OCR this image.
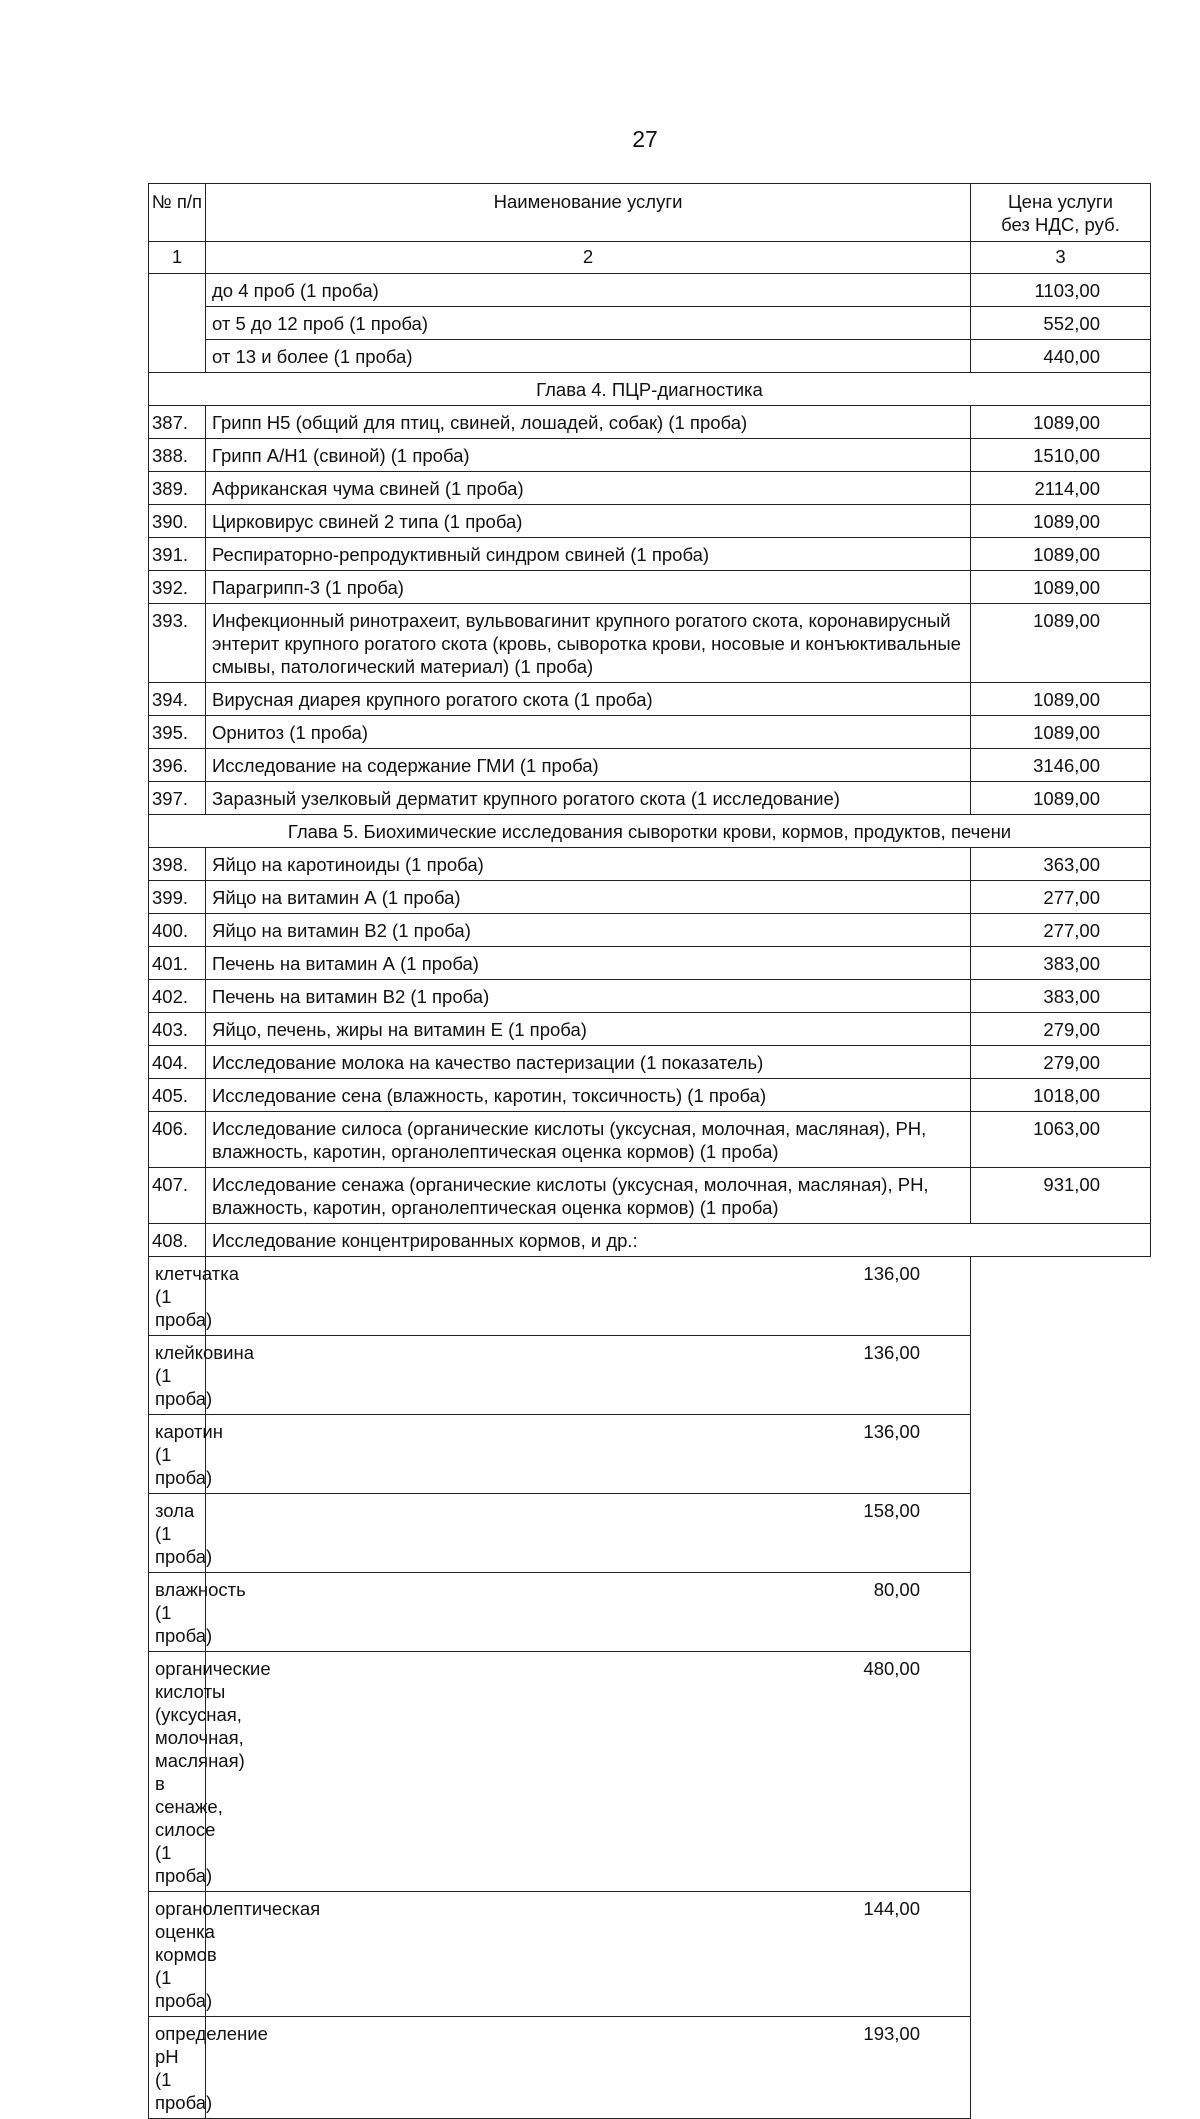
27
№ п/п	Наименование услуги	Цена услуги
без НДС, руб.

1	2	3
	до 4 проб (1 проба)	1103,00
	от 5 до 12 проб (1 проба)	552,00
	от 13 и более (1 проба)	440,00
Глава 4. ПЦР-диагностика		
387.	Грипп Н5 (общий для птиц, свиней, лошадей, собак) (1 проба)	1089,00
388.	Грипп А/Н1 (свиной) (1 проба)	1510,00
389.	Африканская чума свиней (1 проба)	2114,00
390.	Цирковирус свиней 2 типа (1 проба)	1089,00
391.	Респираторно-репродуктивный синдром свиней (1 проба)	1089,00
392.	Парагрипп-3 (1 проба)	1089,00
393.	Инфекционный ринотрахеит, вульвовагинит крупного рогатого скота, коронавирусный энтерит крупного рогатого скота (кровь, сыворотка крови, носовые и конъюктивальные смывы, патологический материал) (1 проба)	1089,00
394.	Вирусная диарея крупного рогатого скота (1 проба)	1089,00
395.	Орнитоз (1 проба)	1089,00
396.	Исследование на содержание ГМИ (1 проба)	3146,00
397.	Заразный узелковый дерматит крупного рогатого скота (1 исследование)	1089,00
Глава 5. Биохимические исследования сыворотки крови, кормов, продуктов, печени		
398.	Яйцо на каротиноиды (1 проба)	363,00
399.	Яйцо на витамин А (1 проба)	277,00
400.	Яйцо на витамин В2 (1 проба)	277,00
401.	Печень на витамин А (1 проба)	383,00
402.	Печень на витамин В2 (1 проба)	383,00
403.	Яйцо, печень, жиры на витамин Е (1 проба)	279,00
404.	Исследование молока на качество пастеризации (1 показатель)	279,00
405.	Исследование сена (влажность, каротин, токсичность) (1 проба)	1018,00
406.	Исследование силоса (органические кислоты (уксусная, молочная, масляная), PH, влажность, каротин, органолептическая оценка кормов) (1 проба)	1063,00
407.	Исследование сенажа (органические кислоты (уксусная, молочная, масляная), PH, влажность, каротин, органолептическая оценка кормов) (1 проба)	931,00
408.	Исследование концентрированных кормов, и др.:	
клетчатка (1 проба)	136,00	
клейковина (1 проба)	136,00	
каротин (1 проба)	136,00	
зола (1 проба)	158,00	
влажность (1 проба)	80,00	
органические кислоты (уксусная, молочная, масляная) в сенаже, силосе (1 проба)	480,00	
органолептическая оценка кормов (1 проба)	144,00	
определение pH (1 проба)	193,00	
